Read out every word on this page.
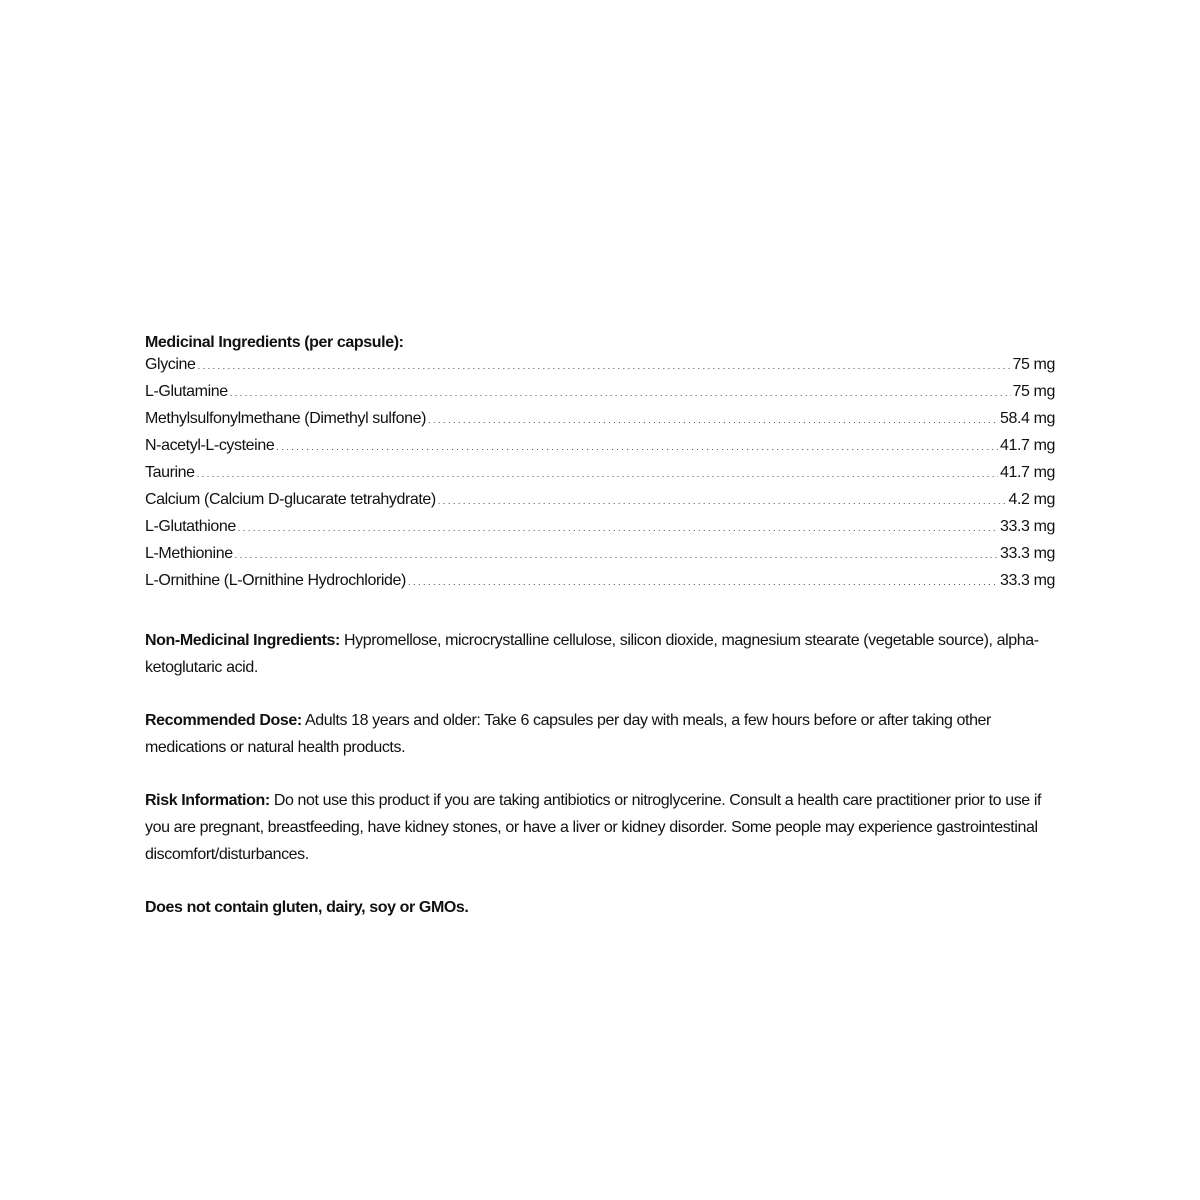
Medicinal Ingredients (per capsule):
Glycine . . .	75 mg
L-Glutamine . . .	75 mg
Methylsulfonylmethane (Dimethyl sulfone) . . .	58.4 mg
N-acetyl-L-cysteine . . .	41.7 mg
Taurine . . .	41.7 mg
Calcium (Calcium D-glucarate tetrahydrate) . . .	4.2 mg
L-Glutathione . . .	33.3 mg
L-Methionine . . .	33.3 mg
L-Ornithine (L-Ornithine Hydrochloride) . . .	33.3 mg

Non-Medicinal Ingredients: Hypromellose, microcrystalline cellulose, silicon dioxide, magnesium stearate (vegetable source), alpha-ketoglutaric acid.

Recommended Dose: Adults 18 years and older: Take 6 capsules per day with meals, a few hours before or after taking other medications or natural health products.

Risk Information: Do not use this product if you are taking antibiotics or nitroglycerine. Consult a health care practitioner prior to use if you are pregnant, breastfeeding, have kidney stones, or have a liver or kidney disorder. Some people may experience gastrointestinal discomfort/disturbances.

Does not contain gluten, dairy, soy or GMOs.
